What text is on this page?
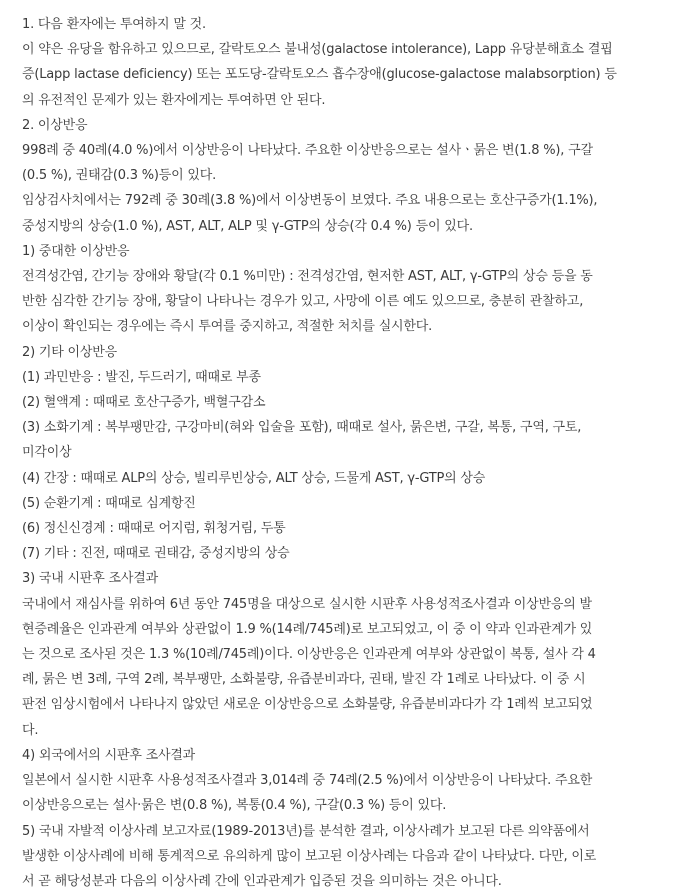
1. 다음 환자에는 투여하지 말 것.
이 약은 유당을 함유하고 있으므로, 갈락토오스 불내성(galactose intolerance), Lapp 유당분해효소 결핍
증(Lapp lactase deficiency) 또는 포도당-갈락토오스 흡수장애(glucose-galactose malabsorption) 등
의 유전적인 문제가 있는 환자에게는 투여하면 안 된다.
2. 이상반응
998례 중 40례(4.0 %)에서 이상반응이 나타났다. 주요한 이상반응으로는 설사ㆍ묽은 변(1.8 %), 구갈
(0.5 %), 권태감(0.3 %)등이 있다.
임상검사치에서는 792례 중 30례(3.8 %)에서 이상변동이 보였다. 주요 내용으로는 호산구증가(1.1%),
중성지방의 상승(1.0 %), AST, ALT, ALP 및 γ-GTP의 상승(각 0.4 %) 등이 있다.
1) 중대한 이상반응
전격성간염, 간기능 장애와 황달(각 0.1 %미만) : 전격성간염, 현저한 AST, ALT, γ-GTP의 상승 등을 동
반한 심각한 간기능 장애, 황달이 나타나는 경우가 있고, 사망에 이른 예도 있으므로, 충분히 관찰하고,
이상이 확인되는 경우에는 즉시 투여를 중지하고, 적절한 처치를 실시한다.
2) 기타 이상반응
(1) 과민반응 : 발진, 두드러기, 때때로 부종
(2) 혈액계 : 때때로 호산구증가, 백혈구감소
(3) 소화기계 : 복부팽만감, 구강마비(혀와 입술을 포함), 때때로 설사, 묽은변, 구갈, 복통, 구역, 구토,
미각이상
(4) 간장 : 때때로 ALP의 상승, 빌리루빈상승, ALT 상승, 드물게 AST, γ-GTP의 상승
(5) 순환기계 : 때때로 심계항진
(6) 정신신경계 : 때때로 어지럼, 휘청거림, 두통
(7) 기타 : 진전, 때때로 권태감, 중성지방의 상승
3) 국내 시판후 조사결과
국내에서 재심사를 위하여 6년 동안 745명을 대상으로 실시한 시판후 사용성적조사결과 이상반응의 발
현증례율은 인과관계 여부와 상관없이 1.9 %(14례/745례)로 보고되었고, 이 중 이 약과 인과관계가 있
는 것으로 조사된 것은 1.3 %(10례/745례)이다. 이상반응은 인과관계 여부와 상관없이 복통, 설사 각 4
례, 묽은 변 3례, 구역 2례, 복부팽만, 소화불량, 유즙분비과다, 권태, 발진 각 1례로 나타났다. 이 중 시
판전 임상시험에서 나타나지 않았던 새로운 이상반응으로 소화불량, 유즙분비과다가 각 1례씩 보고되었
다.
4) 외국에서의 시판후 조사결과
일본에서 실시한 시판후 사용성적조사결과 3,014례 중 74례(2.5 %)에서 이상반응이 나타났다. 주요한
이상반응으로는 설사·묽은 변(0.8 %), 복통(0.4 %), 구갈(0.3 %) 등이 있다.
5) 국내 자발적 이상사례 보고자료(1989-2013년)를 분석한 결과, 이상사례가 보고된 다른 의약품에서
발생한 이상사례에 비해 통계적으로 유의하게 많이 보고된 이상사례는 다음과 같이 나타났다. 다만, 이로
서 곧 해당성분과 다음의 이상사례 간에 인과관계가 입증된 것을 의미하는 것은 아니다.
